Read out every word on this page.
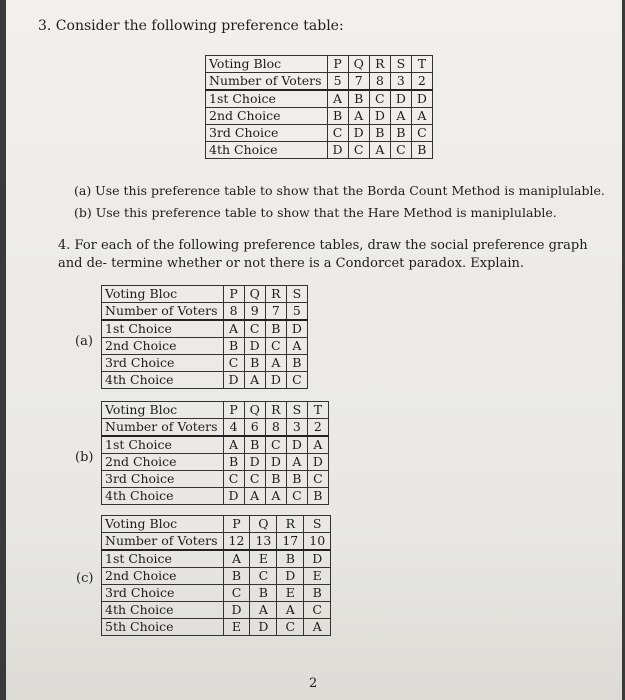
3. Consider the following preference table:
Voting Bloc	P	Q	R	S	T
Number of Voters	5	7	8	3	2
1st Choice	A	B	C	D	D
2nd Choice	B	A	D	A	A
3rd Choice	C	D	B	B	C
4th Choice	D	C	A	C	B
(a) Use this preference table to show that the Borda Count Method is maniplulable.
(b) Use this preference table to show that the Hare Method is maniplulable.
4. For each of the following preference tables, draw the social preference graph and de- termine whether or not there is a Condorcet paradox. Explain.
(a)
Voting Bloc	P	Q	R	S
Number of Voters	8	9	7	5
1st Choice	A	C	B	D
2nd Choice	B	D	C	A
3rd Choice	C	B	A	B
4th Choice	D	A	D	C
(b)
Voting Bloc	P	Q	R	S	T
Number of Voters	4	6	8	3	2
1st Choice	A	B	C	D	A
2nd Choice	B	D	D	A	D
3rd Choice	C	C	B	B	C
4th Choice	D	A	A	C	B
(c)
Voting Bloc	P	Q	R	S
Number of Voters	12	13	17	10
1st Choice	A	E	B	D
2nd Choice	B	C	D	E
3rd Choice	C	B	E	B
4th Choice	D	A	A	C
5th Choice	E	D	C	A
2
